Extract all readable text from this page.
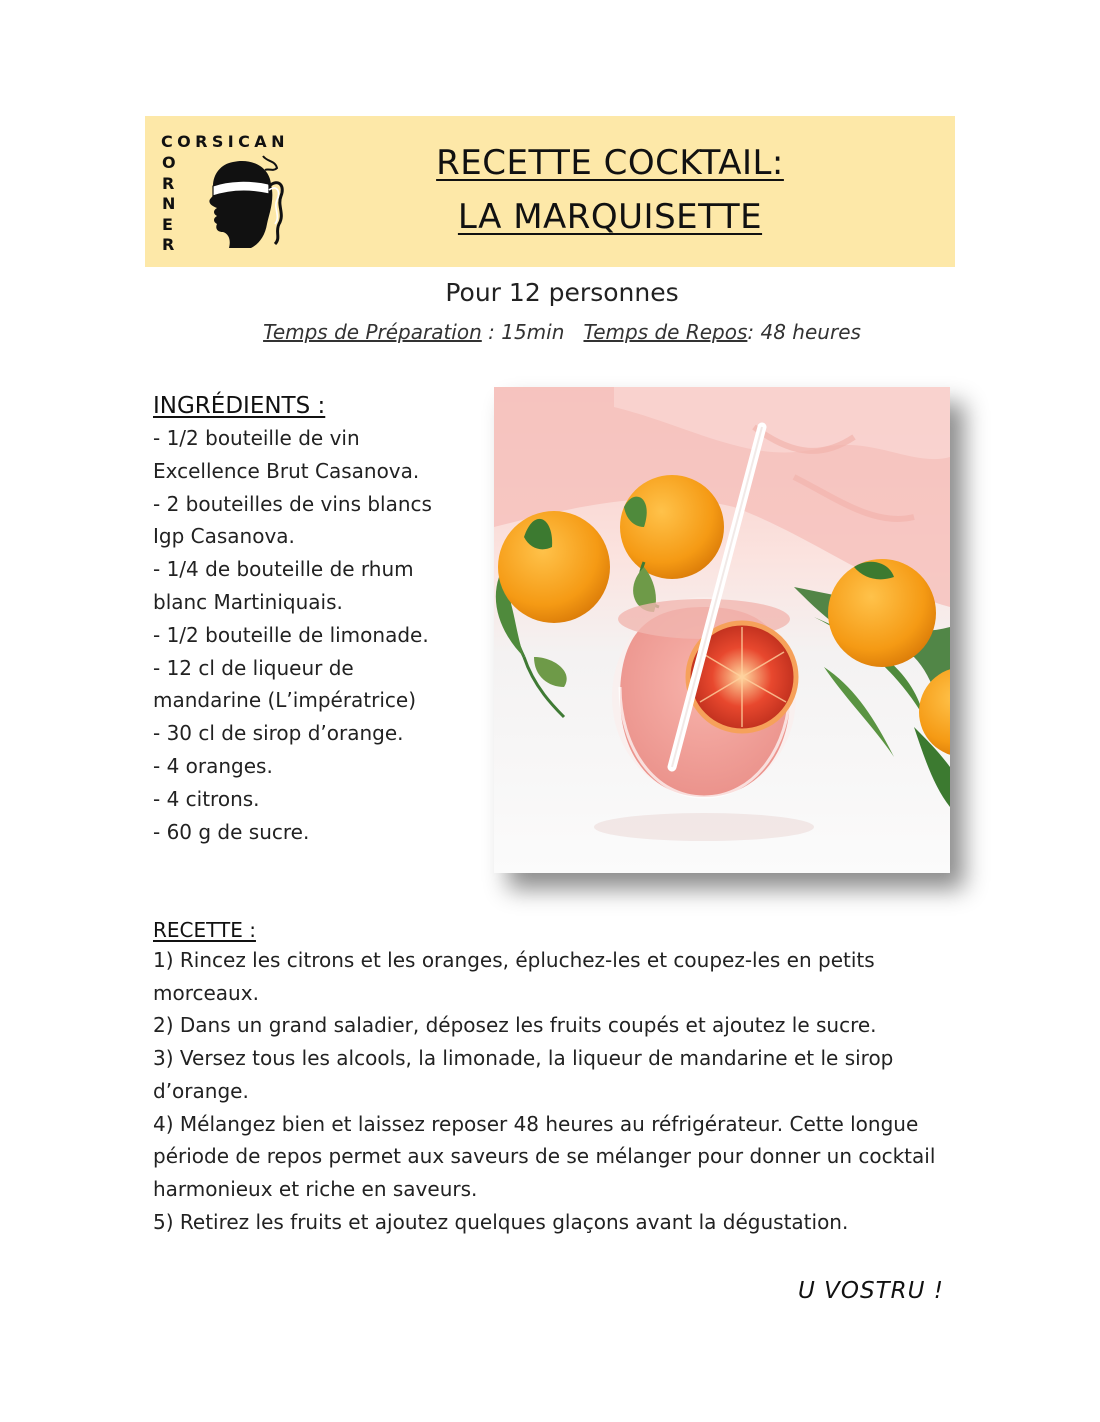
CORSICAN
O
R
N
E
R
RECETTE COCKTAIL:
LA MARQUISETTE
Pour 12 personnes
Temps de Préparation : 15min Temps de Repos: 48 heures
INGRÉDIENTS :
- 1/2 bouteille de vin
Excellence Brut Casanova.
- 2 bouteilles de vins blancs
Igp Casanova.
- 1/4 de bouteille de rhum
blanc Martiniquais.
- 1/2 bouteille de limonade.
- 12 cl de liqueur de
mandarine (L’impératrice)
- 30 cl de sirop d’orange.
- 4 oranges.
- 4 citrons.
- 60 g de sucre.
RECETTE :
1) Rincez les citrons et les oranges, épluchez-les et coupez-les en petits morceaux.
2) Dans un grand saladier, déposez les fruits coupés et ajoutez le sucre.
3) Versez tous les alcools, la limonade, la liqueur de mandarine et le sirop d’orange.
4) Mélangez bien et laissez reposer 48 heures au réfrigérateur. Cette longue période de repos permet aux saveurs de se mélanger pour donner un cocktail harmonieux et riche en saveurs.
5) Retirez les fruits et ajoutez quelques glaçons avant la dégustation.
U VOSTRU !
